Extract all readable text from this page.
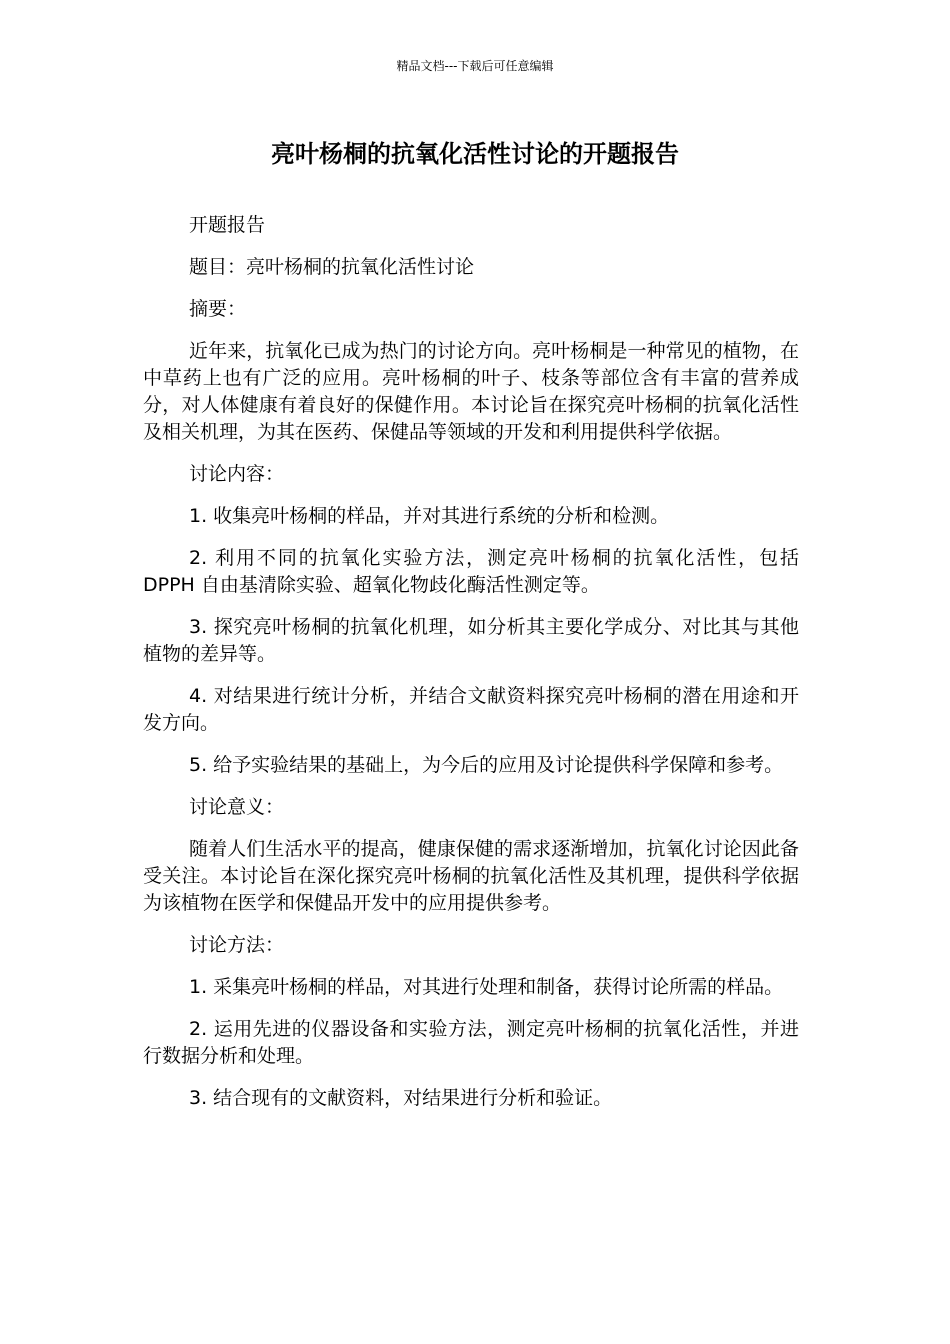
精品文档---下载后可任意编辑
亮叶杨桐的抗氧化活性讨论的开题报告

开题报告

题目：亮叶杨桐的抗氧化活性讨论

摘要：

近年来，抗氧化已成为热门的讨论方向。亮叶杨桐是一种常见的植物，在中草药上也有广泛的应用。亮叶杨桐的叶子、枝条等部位含有丰富的营养成分，对人体健康有着良好的保健作用。本讨论旨在探究亮叶杨桐的抗氧化活性及相关机理，为其在医药、保健品等领域的开发和利用提供科学依据。

讨论内容：

1. 收集亮叶杨桐的样品，并对其进行系统的分析和检测。

2. 利用不同的抗氧化实验方法，测定亮叶杨桐的抗氧化活性，包括 DPPH 自由基清除实验、超氧化物歧化酶活性测定等。

3. 探究亮叶杨桐的抗氧化机理，如分析其主要化学成分、对比其与其他植物的差异等。

4. 对结果进行统计分析，并结合文献资料探究亮叶杨桐的潜在用途和开发方向。

5. 给予实验结果的基础上，为今后的应用及讨论提供科学保障和参考。

讨论意义：

随着人们生活水平的提高，健康保健的需求逐渐增加，抗氧化讨论因此备受关注。本讨论旨在深化探究亮叶杨桐的抗氧化活性及其机理，提供科学依据为该植物在医学和保健品开发中的应用提供参考。

讨论方法：

1. 采集亮叶杨桐的样品，对其进行处理和制备，获得讨论所需的样品。

2. 运用先进的仪器设备和实验方法，测定亮叶杨桐的抗氧化活性，并进行数据分析和处理。

3. 结合现有的文献资料，对结果进行分析和验证。
